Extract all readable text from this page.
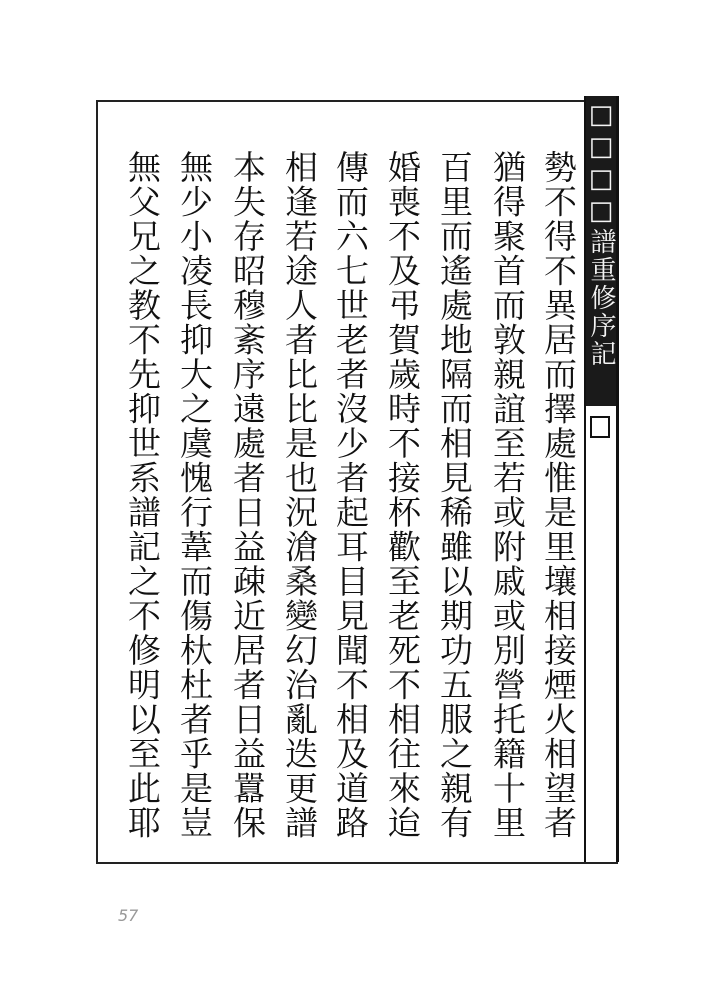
□□□□譜重修序記
勢不得不異居而擇處惟是里壤相接煙火相望者
猶得聚首而敦親誼至若或附戚或別營托籍十里
百里而遙處地隔而相見稀雖以期功五服之親有
婚喪不及弔賀歲時不接杯歡至老死不相往來迨
傳而六七世老者沒少者起耳目見聞不相及道路
相逢若途人者比比是也況滄桑變幻治亂迭更譜
本失存昭穆紊序遠處者日益疎近居者日益囂保
無少小凌長抑大之虞愧行葦而傷杕杜者乎是豈
無父兄之教不先抑世系譜記之不修明以至此耶
57
